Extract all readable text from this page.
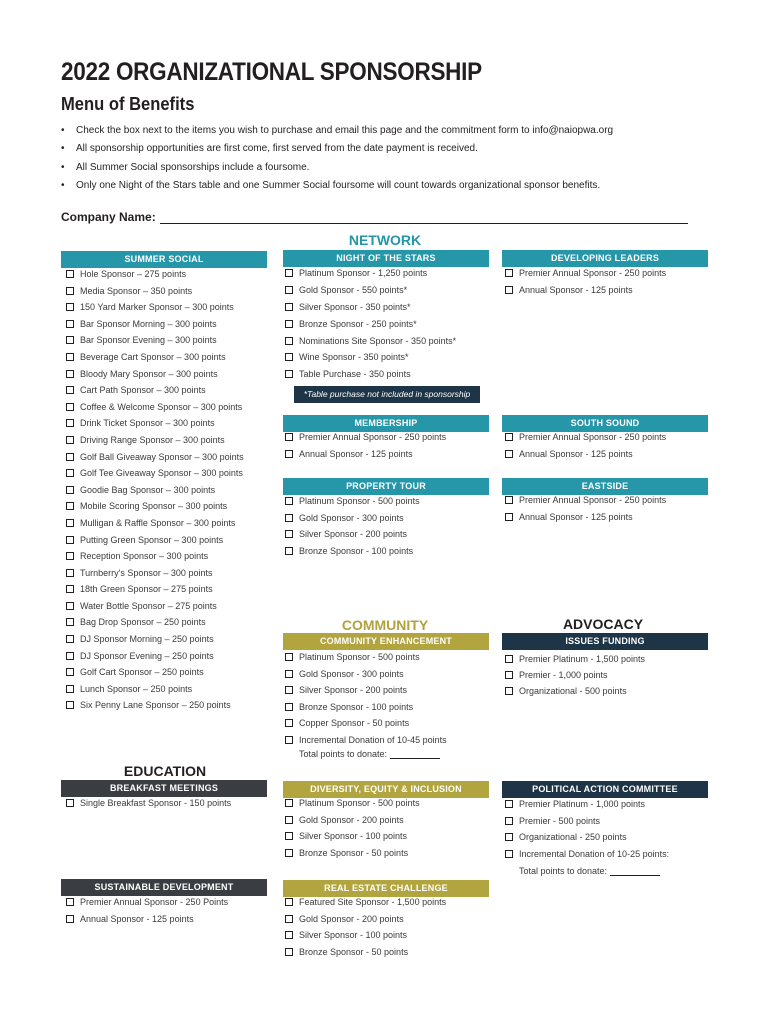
2022 ORGANIZATIONAL SPONSORSHIP
Menu of Benefits
• Check the box next to the items you wish to purchase and email this page and the commitment form to info@naiopwa.org
• All sponsorship opportunities are first come, first served from the date payment is received.
• All Summer Social sponsorships include a foursome.
• Only one Night of the Stars table and one Summer Social foursome will count towards organizational sponsor benefits.
Company Name:
NETWORK
COMMUNITY	ADVOCACY
EDUCATION
SUMMER SOCIAL	NIGHT OF THE STARS	DEVELOPING LEADERS
MEMBERSHIP	SOUTH SOUND
PROPERTY TOUR	EASTSIDE
COMMUNITY ENHANCEMENT	ISSUES FUNDING
BREAKFAST MEETINGS	DIVERSITY, EQUITY & INCLUSION	POLITICAL ACTION COMMITTEE
SUSTAINABLE DEVELOPMENT	REAL ESTATE CHALLENGE
Hole Sponsor – 275 points
Media Sponsor – 350 points
150 Yard Marker Sponsor – 300 points
Bar Sponsor Morning – 300 points
Bar Sponsor Evening – 300 points
Beverage Cart Sponsor – 300 points
Bloody Mary Sponsor – 300 points
Cart Path Sponsor – 300 points
Coffee & Welcome Sponsor – 300 points
Drink Ticket Sponsor – 300 points
Driving Range Sponsor – 300 points
Golf Ball Giveaway Sponsor – 300 points
Golf Tee Giveaway Sponsor – 300 points
Goodie Bag Sponsor – 300 points
Mobile Scoring Sponsor – 300 points
Mulligan & Raffle Sponsor – 300 points
Putting Green Sponsor – 300 points
Reception Sponsor – 300 points
Turnberry's Sponsor – 300 points
18th Green Sponsor – 275 points
Water Bottle Sponsor – 275 points
Bag Drop Sponsor – 250 points
DJ Sponsor Morning – 250 points
DJ Sponsor Evening – 250 points
Golf Cart Sponsor – 250 points
Lunch Sponsor – 250 points
Six Penny Lane Sponsor – 250 points
Platinum Sponsor - 1,250 points
Gold Sponsor - 550 points*
Silver Sponsor - 350 points*
Bronze Sponsor - 250 points*
Nominations Site Sponsor - 350 points*
Wine Sponsor - 350 points*
Table Purchase - 350 points
*Table purchase not included in sponsorship
Premier Annual Sponsor - 250 points
Annual Sponsor - 125 points
Premier Annual Sponsor - 250 points
Annual Sponsor - 125 points
Premier Annual Sponsor - 250 points
Annual Sponsor - 125 points
Platinum Sponsor - 500 points
Gold Sponsor - 300 points
Silver Sponsor - 200 points
Bronze Sponsor - 100 points
Premier Annual Sponsor - 250 points
Annual Sponsor - 125 points
Platinum Sponsor - 500 points
Gold Sponsor - 300 points
Silver Sponsor - 200 points
Bronze Sponsor - 100 points
Copper Sponsor - 50 points
Incremental Donation of 10-45 points
Total points to donate:
Premier Platinum - 1,500 points
Premier - 1,000 points
Organizational - 500 points
Single Breakfast Sponsor - 150 points	Platinum Sponsor - 500 points
Gold Sponsor - 200 points
Silver Sponsor - 100 points
Bronze Sponsor - 50 points
Premier Platinum - 1,000 points
Premier - 500 points
Organizational - 250 points
Incremental Donation of 10-25 points:
Total points to donate:
Premier Annual Sponsor - 250 Points
Annual Sponsor - 125 points
Featured Site Sponsor - 1,500 points
Gold Sponsor - 200 points
Silver Sponsor - 100 points
Bronze Sponsor - 50 points
